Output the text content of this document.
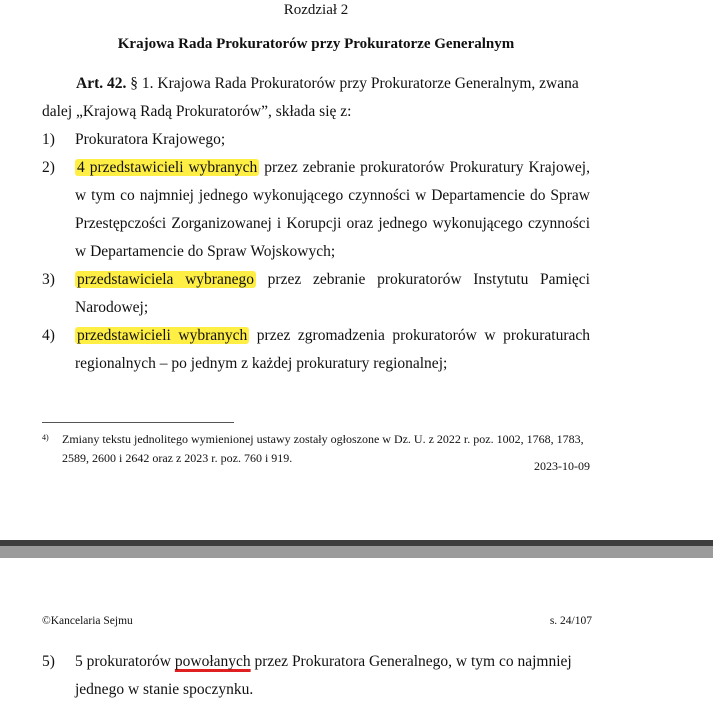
Rozdział 2
Krajowa Rada Prokuratorów przy Prokuratorze Generalnym
Art. 42. § 1. Krajowa Rada Prokuratorów przy Prokuratorze Generalnym, zwana
dalej „Krajową Radą Prokuratorów”, składa się z:
1) Prokuratora Krajowego;
2) 4 przedstawicieli wybranych przez zebranie prokuratorów Prokuratury Krajowej, w tym co najmniej jednego wykonującego czynności w Departamencie do Spraw Przestępczości Zorganizowanej i Korupcji oraz jednego wykonującego czynności w Departamencie do Spraw Wojskowych;
3) przedstawiciela wybranego przez zebranie prokuratorów Instytutu Pamięci Narodowej;
4) przedstawicieli wybranych przez zgromadzenia prokuratorów w prokuraturach regionalnych – po jednym z każdej prokuratury regionalnej;
4) Zmiany tekstu jednolitego wymienionej ustawy zostały ogłoszone w Dz. U. z 2022 r. poz. 1002, 1768, 1783, 2589, 2600 i 2642 oraz z 2023 r. poz. 760 i 919.
2023-10-09
©Kancelaria Sejmu	s. 24/107
5) 5 prokuratorów powołanych przez Prokuratora Generalnego, w tym co najmniej jednego w stanie spoczynku.
